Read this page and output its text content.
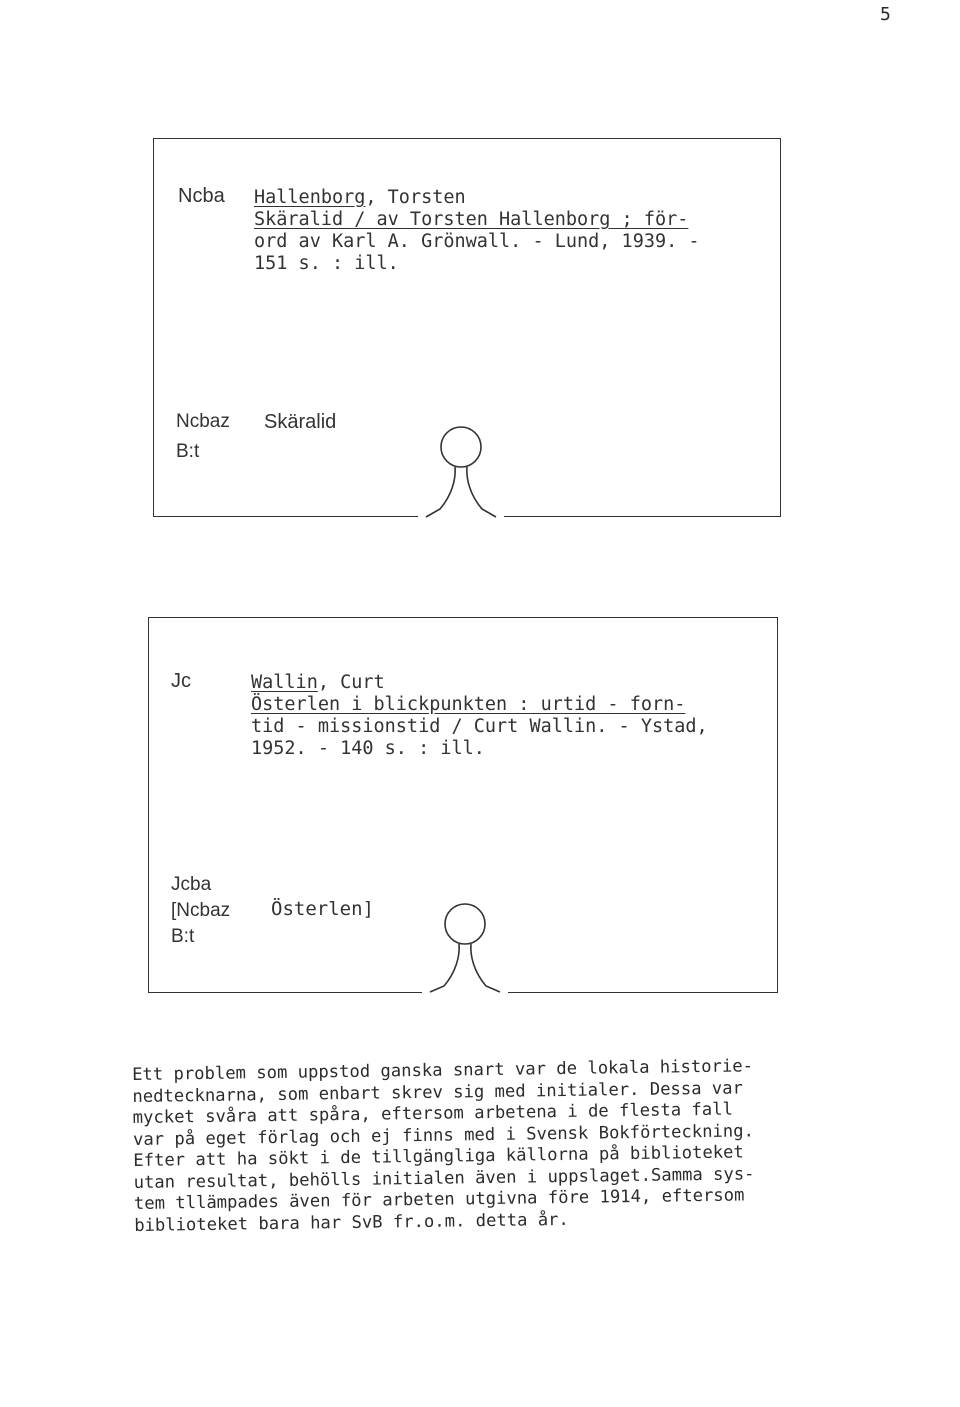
5
Ncba Hallenborg, Torsten
Skäralid / av Torsten Hallenborg ; för-
ord av Karl A. Grönwall. - Lund, 1939. -
151 s. : ill.
Ncbaz
B:t
Skäralid
Jc	Wallin, Curt
Österlen i blickpunkten : urtid - forn-
tid - missionstid / Curt Wallin. - Ystad,
1952. - 140 s. : ill.
Jcba
[Ncbaz
B:t
Österlen]
Ett problem som uppstod ganska snart var de lokala historie-
nedtecknarna, som enbart skrev sig med initialer. Dessa var
mycket svåra att spåra, eftersom arbetena i de flesta fall
var på eget förlag och ej finns med i Svensk Bokförteckning.
Efter att ha sökt i de tillgängliga källorna på biblioteket
utan resultat, behölls initialen även i uppslaget.Samma sys-
tem tllämpades även för arbeten utgivna före 1914, eftersom
biblioteket bara har SvB fr.o.m. detta år.
